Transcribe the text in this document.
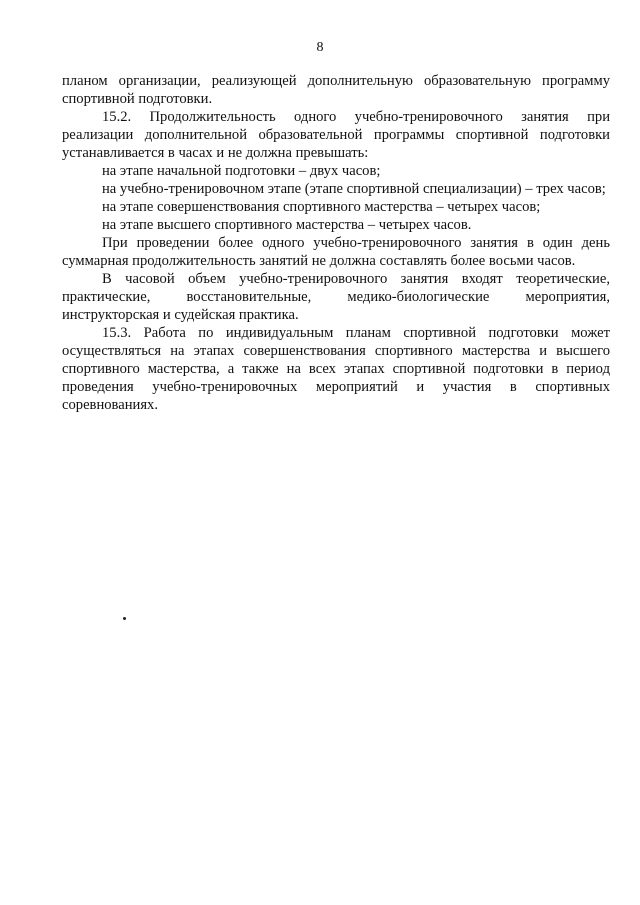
8

планом организации, реализующей дополнительную образовательную программу спортивной подготовки.

15.2. Продолжительность одного учебно-тренировочного занятия при реализации дополнительной образовательной программы спортивной подготовки устанавливается в часах и не должна превышать:

на этапе начальной подготовки – двух часов;

на учебно-тренировочном этапе (этапе спортивной специализации) – трех часов;

на этапе совершенствования спортивного мастерства – четырех часов;

на этапе высшего спортивного мастерства – четырех часов.

При проведении более одного учебно-тренировочного занятия в один день суммарная продолжительность занятий не должна составлять более восьми часов.

В часовой объем учебно-тренировочного занятия входят теоретические, практические, восстановительные, медико-биологические мероприятия, инструкторская и судейская практика.

15.3. Работа по индивидуальным планам спортивной подготовки может осуществляться на этапах совершенствования спортивного мастерства и высшего спортивного мастерства, а также на всех этапах спортивной подготовки в период проведения учебно-тренировочных мероприятий и участия в спортивных соревнованиях.
